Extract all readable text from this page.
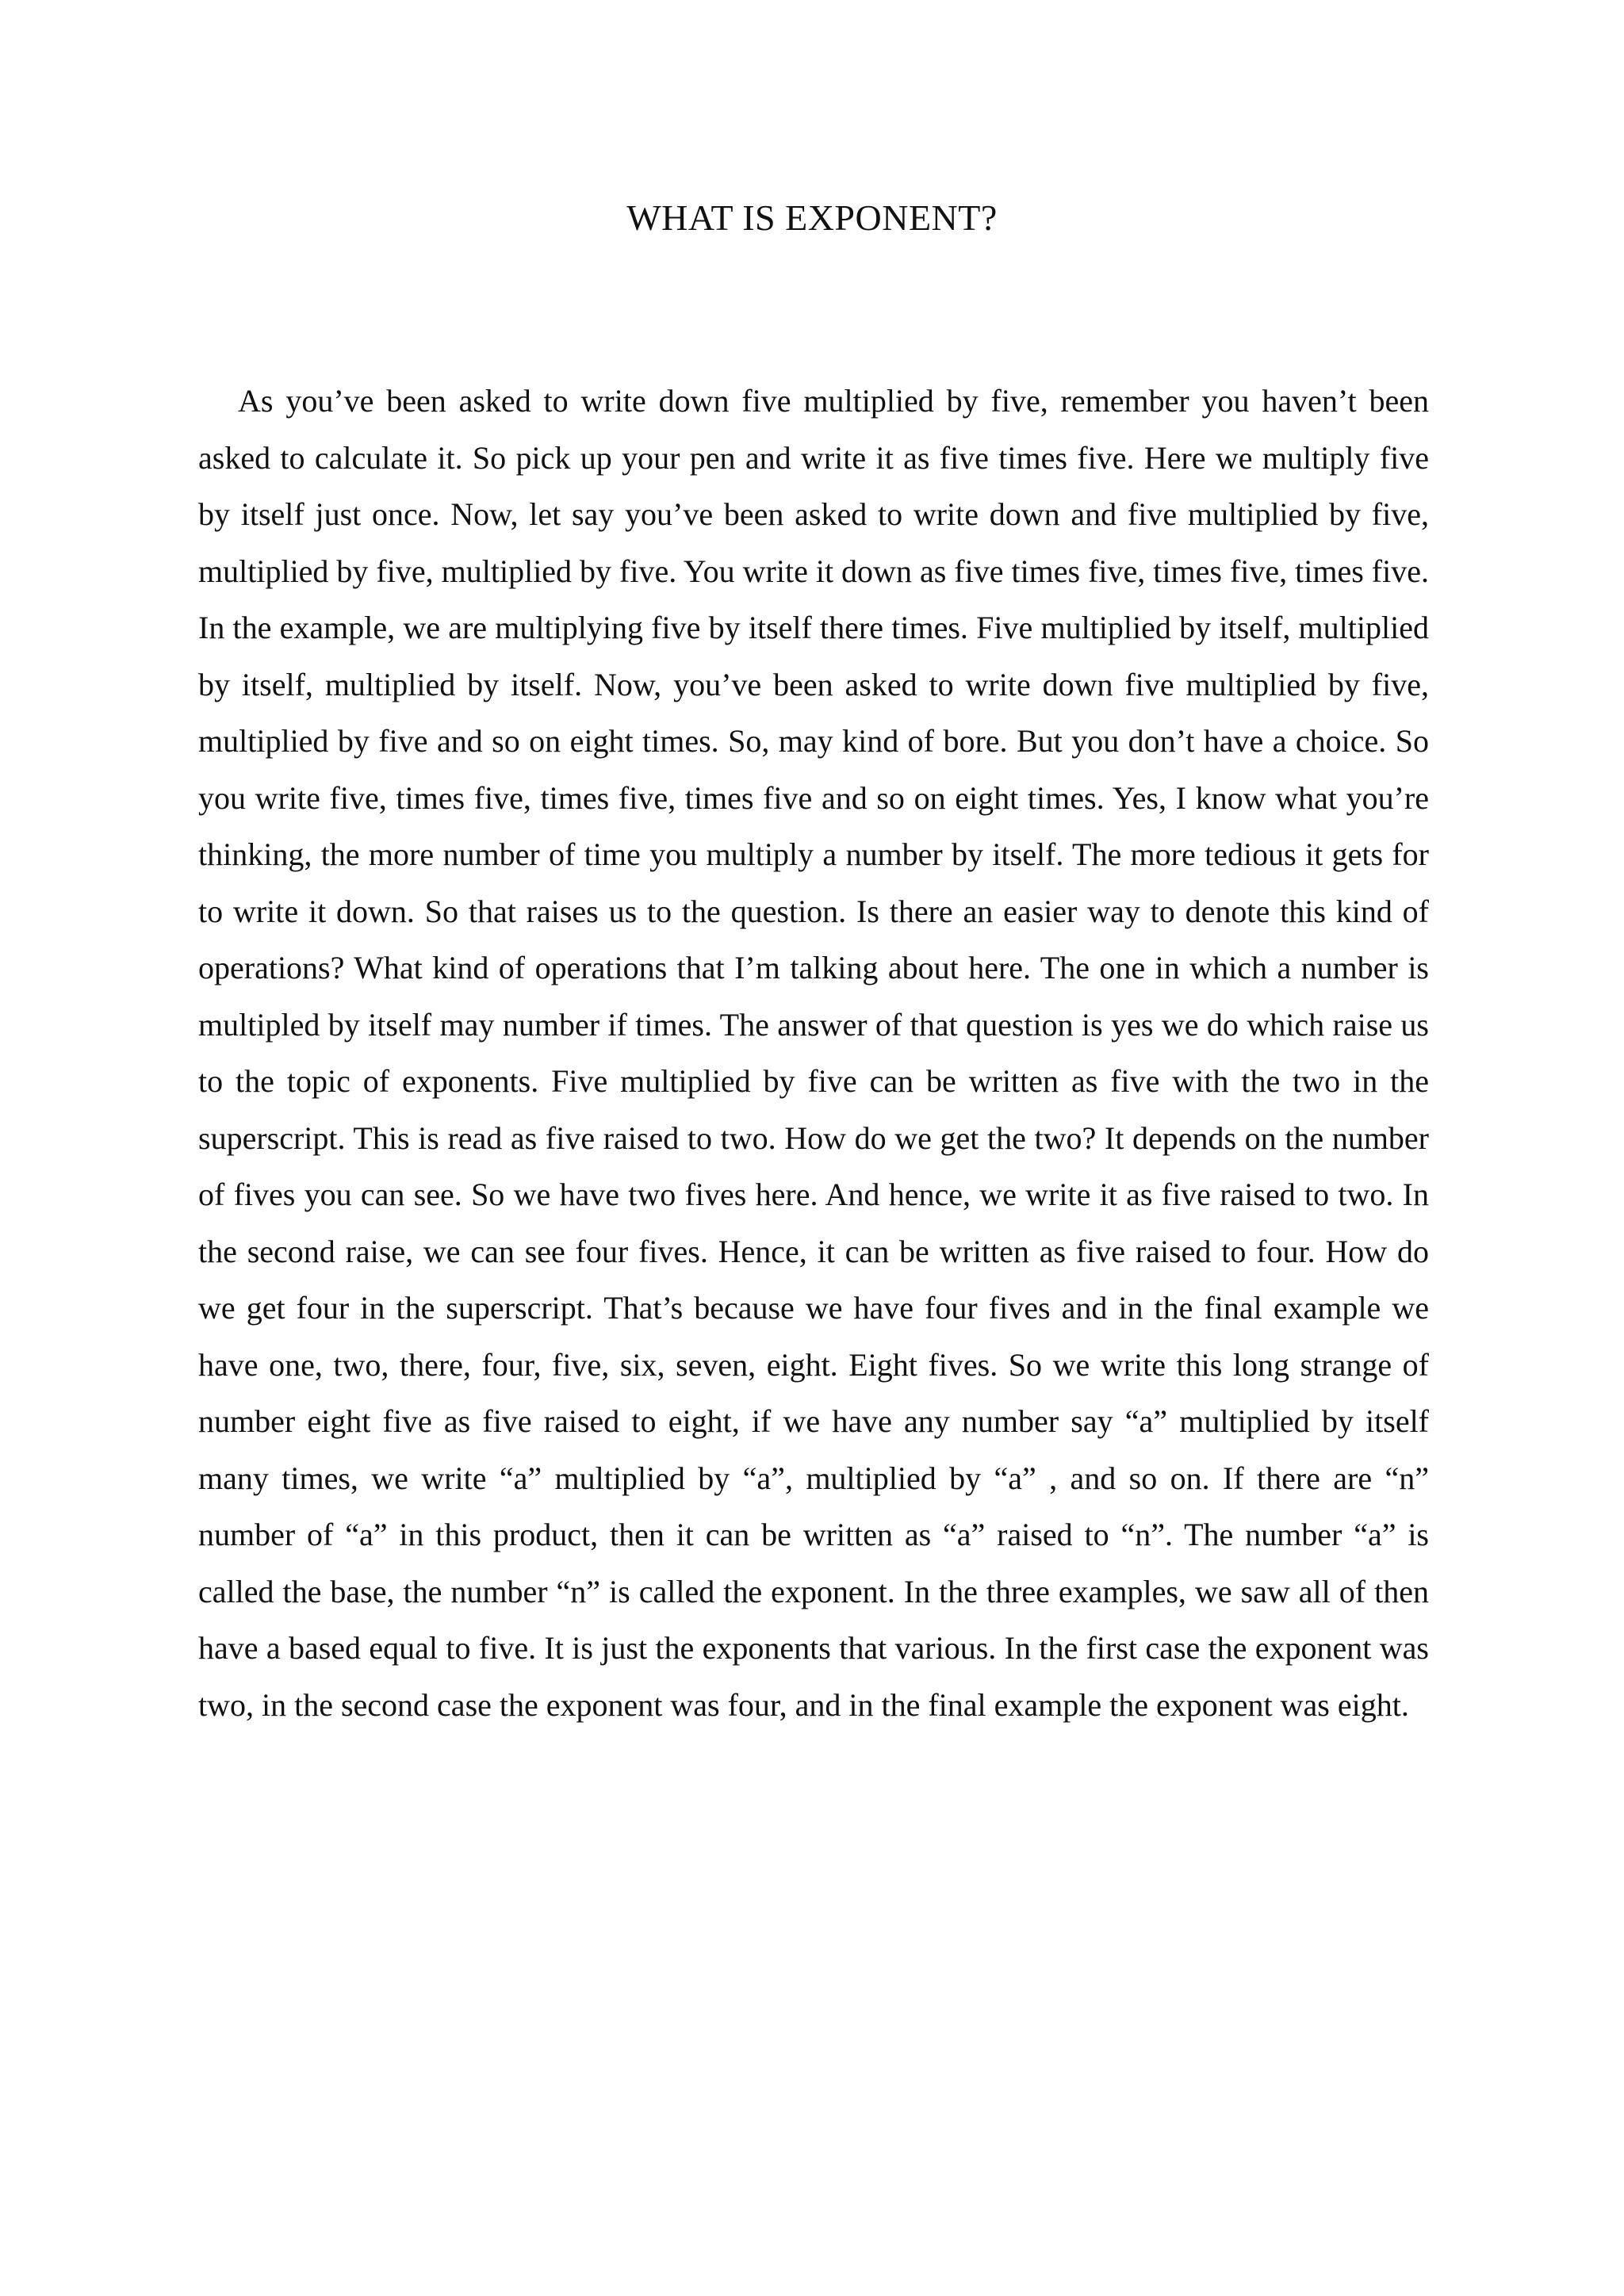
WHAT IS EXPONENT?

As you’ve been asked to write down five multiplied by five, remember you haven’t been asked to calculate it. So pick up your pen and write it as five times five. Here we multiply five by itself just once. Now, let say you’ve been asked to write down and five multiplied by five, multiplied by five, multiplied by five. You write it down as five times five, times five, times five. In the example, we are multiplying five by itself there times. Five multiplied by itself, multiplied by itself, multiplied by itself. Now, you’ve been asked to write down five multiplied by five, multiplied by five and so on eight times. So, may kind of bore. But you don’t have a choice. So you write five, times five, times five, times five and so on eight times. Yes, I know what you’re thinking, the more number of time you multiply a number by itself. The more tedious it gets for to write it down. So that raises us to the question. Is there an easier way to denote this kind of operations? What kind of operations that I’m talking about here. The one in which a number is multipled by itself may number if times. The answer of that question is yes we do which raise us to the topic of exponents. Five multiplied by five can be written as five with the two in the superscript. This is read as five raised to two. How do we get the two? It depends on the number of fives you can see. So we have two fives here. And hence, we write it as five raised to two. In the second raise, we can see four fives. Hence, it can be written as five raised to four. How do we get four in the superscript. That’s because we have four fives and in the final example we have one, two, there, four, five, six, seven, eight. Eight fives. So we write this long strange of number eight five as five raised to eight, if we have any number say “a” multiplied by itself many times, we write “a” multiplied by “a”, multiplied by “a” , and so on. If there are “n” number of “a” in this product, then it can be written as “a” raised to “n”. The number “a” is called the base, the number “n” is called the exponent. In the three examples, we saw all of then have a based equal to five. It is just the exponents that various. In the first case the exponent was two, in the second case the exponent was four, and in the final example the exponent was eight.
